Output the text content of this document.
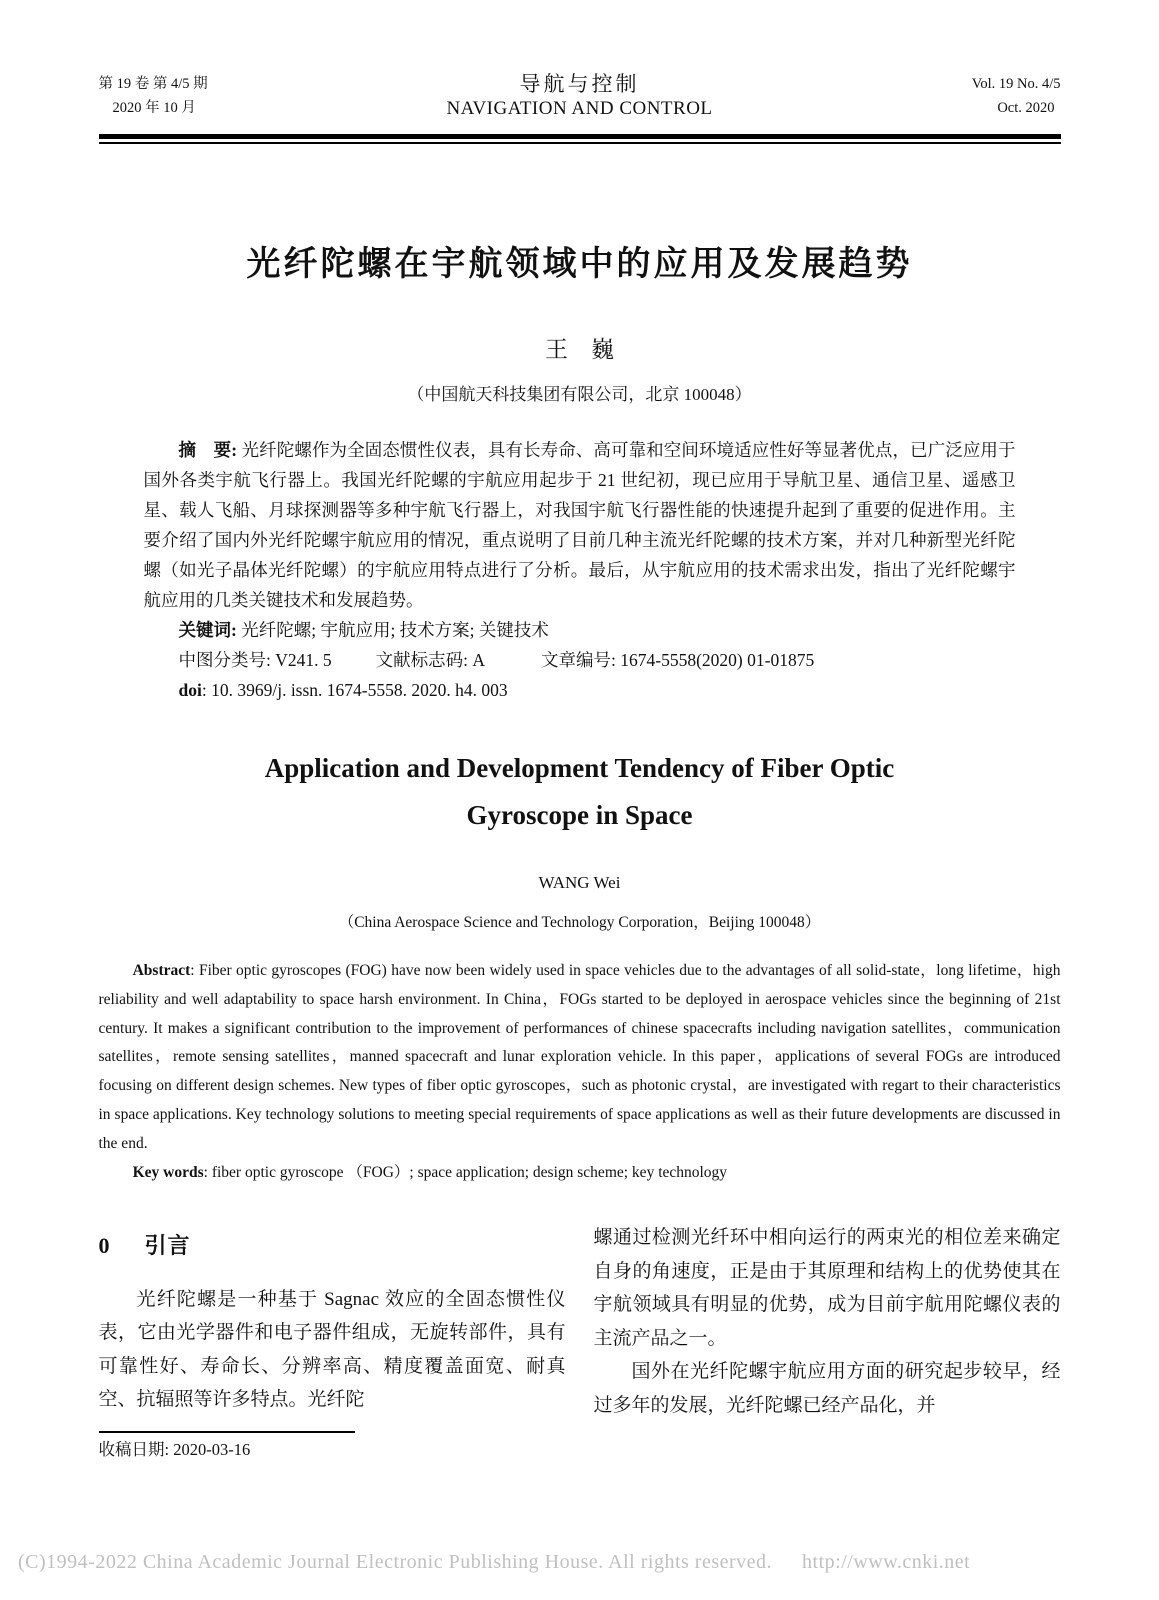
第 19 卷 第 4/5 期
2020 年 10 月
导航与控制
NAVIGATION AND CONTROL
Vol. 19 No. 4/5
Oct. 2020
光纤陀螺在宇航领域中的应用及发展趋势
王　巍
（中国航天科技集团有限公司，北京 100048）

摘　要: 光纤陀螺作为全固态惯性仪表，具有长寿命、高可靠和空间环境适应性好等显著优点，已广泛应用于国外各类宇航飞行器上。我国光纤陀螺的宇航应用起步于 21 世纪初，现已应用于导航卫星、通信卫星、遥感卫星、载人飞船、月球探测器等多种宇航飞行器上，对我国宇航飞行器性能的快速提升起到了重要的促进作用。主要介绍了国内外光纤陀螺宇航应用的情况，重点说明了目前几种主流光纤陀螺的技术方案，并对几种新型光纤陀螺（如光子晶体光纤陀螺）的宇航应用特点进行了分析。最后，从宇航应用的技术需求出发，指出了光纤陀螺宇航应用的几类关键技术和发展趋势。

关键词: 光纤陀螺; 宇航应用; 技术方案; 关键技术

中图分类号: V241. 5	文献标志码: A	文章编号: 1674-5558(2020) 01-01875

doi: 10. 3969/j. issn. 1674-5558. 2020. h4. 003

Application and Development Tendency of Fiber Optic
Gyroscope in Space
WANG Wei
（China Aerospace Science and Technology Corporation，Beijing 100048）

Abstract: Fiber optic gyroscopes (FOG) have now been widely used in space vehicles due to the advantages of all solid-state，long lifetime，high reliability and well adaptability to space harsh environment. In China，FOGs started to be deployed in aerospace vehicles since the beginning of 21st century. It makes a significant contribution to the improvement of performances of chinese spacecrafts including navigation satellites，communication satellites，remote sensing satellites，manned spacecraft and lunar exploration vehicle. In this paper，applications of several FOGs are introduced focusing on different design schemes. New types of fiber optic gyroscopes，such as photonic crystal，are investigated with regart to their characteristics in space applications. Key technology solutions to meeting special requirements of space applications as well as their future developments are discussed in the end.

Key words: fiber optic gyroscope （FOG）; space application; design scheme; key technology

0 引言

光纤陀螺是一种基于 Sagnac 效应的全固态惯性仪表，它由光学器件和电子器件组成，无旋转部件，具有可靠性好、寿命长、分辨率高、精度覆盖面宽、耐真空、抗辐照等许多特点。光纤陀

收稿日期: 2020-03-16

螺通过检测光纤环中相向运行的两束光的相位差来确定自身的角速度，正是由于其原理和结构上的优势使其在宇航领域具有明显的优势，成为目前宇航用陀螺仪表的主流产品之一。

国外在光纤陀螺宇航应用方面的研究起步较早，经过多年的发展，光纤陀螺已经产品化，并

(C)1994-2022 China Academic Journal Electronic Publishing House. All rights reserved. http://www.cnki.net
